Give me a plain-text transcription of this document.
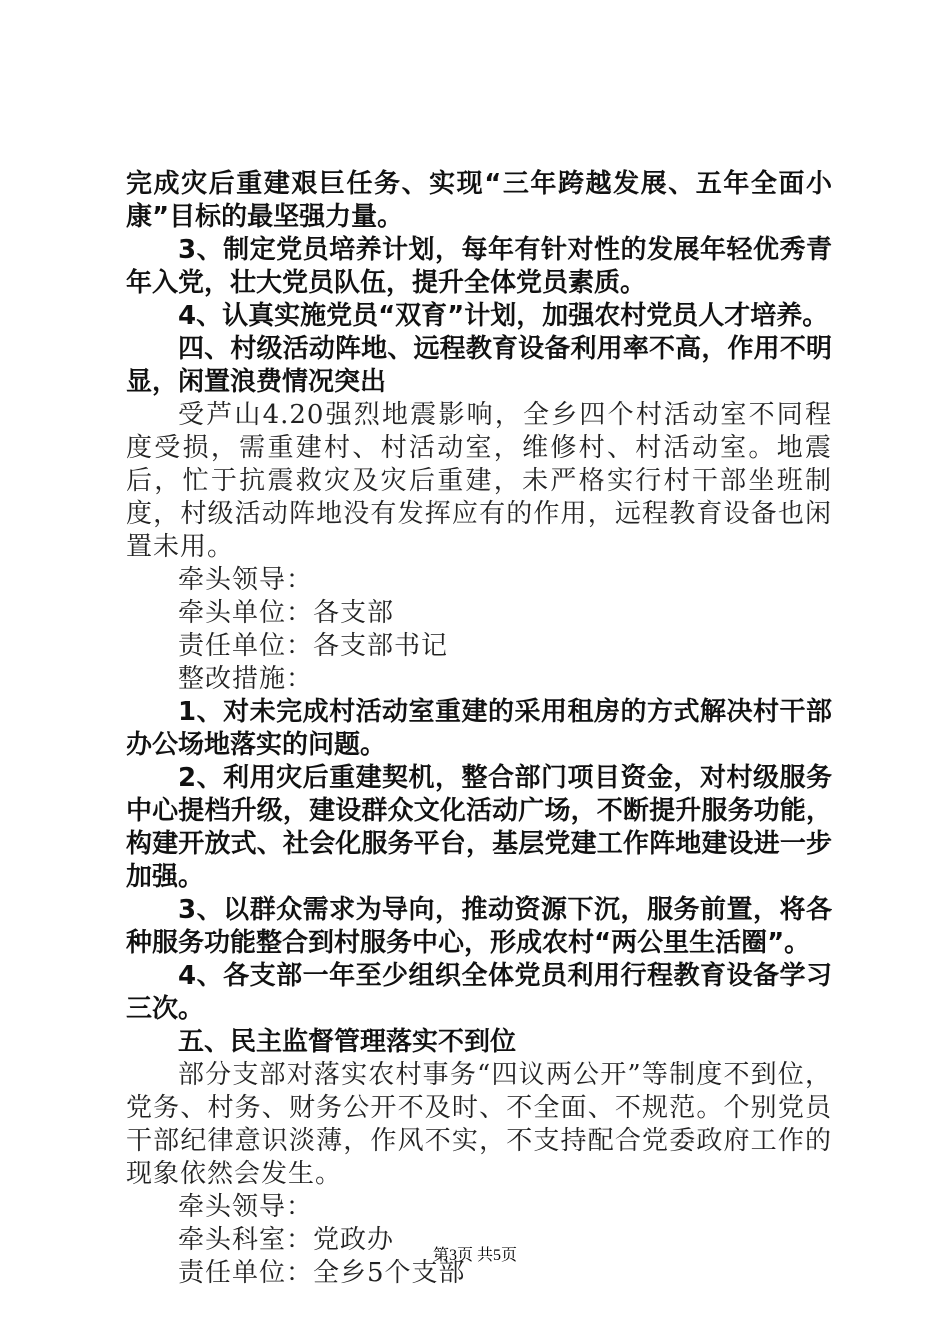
完成灾后重建艰巨任务、实现“三年跨越发展、五年全面小康”目标的最坚强力量。

3、制定党员培养计划，每年有针对性的发展年轻优秀青年入党，壮大党员队伍，提升全体党员素质。

4、认真实施党员“双育”计划，加强农村党员人才培养。

四、村级活动阵地、远程教育设备利用率不高，作用不明显，闲置浪费情况突出

受芦山4.20强烈地震影响，全乡四个村活动室不同程度受损，需重建村、村活动室，维修村、村活动室。地震后，忙于抗震救灾及灾后重建，未严格实行村干部坐班制度，村级活动阵地没有发挥应有的作用，远程教育设备也闲置未用。

牵头领导：

牵头单位：各支部

责任单位：各支部书记

整改措施：

1、对未完成村活动室重建的采用租房的方式解决村干部办公场地落实的问题。

2、利用灾后重建契机，整合部门项目资金，对村级服务中心提档升级，建设群众文化活动广场，不断提升服务功能，构建开放式、社会化服务平台，基层党建工作阵地建设进一步加强。

3、以群众需求为导向，推动资源下沉，服务前置，将各种服务功能整合到村服务中心，形成农村“两公里生活圈”。

4、各支部一年至少组织全体党员利用行程教育设备学习三次。

五、民主监督管理落实不到位

部分支部对落实农村事务“四议两公开”等制度不到位，党务、村务、财务公开不及时、不全面、不规范。个别党员干部纪律意识淡薄，作风不实，不支持配合党委政府工作的现象依然会发生。

牵头领导：

牵头科室：党政办

责任单位：全乡5个支部

第3页 共5页
